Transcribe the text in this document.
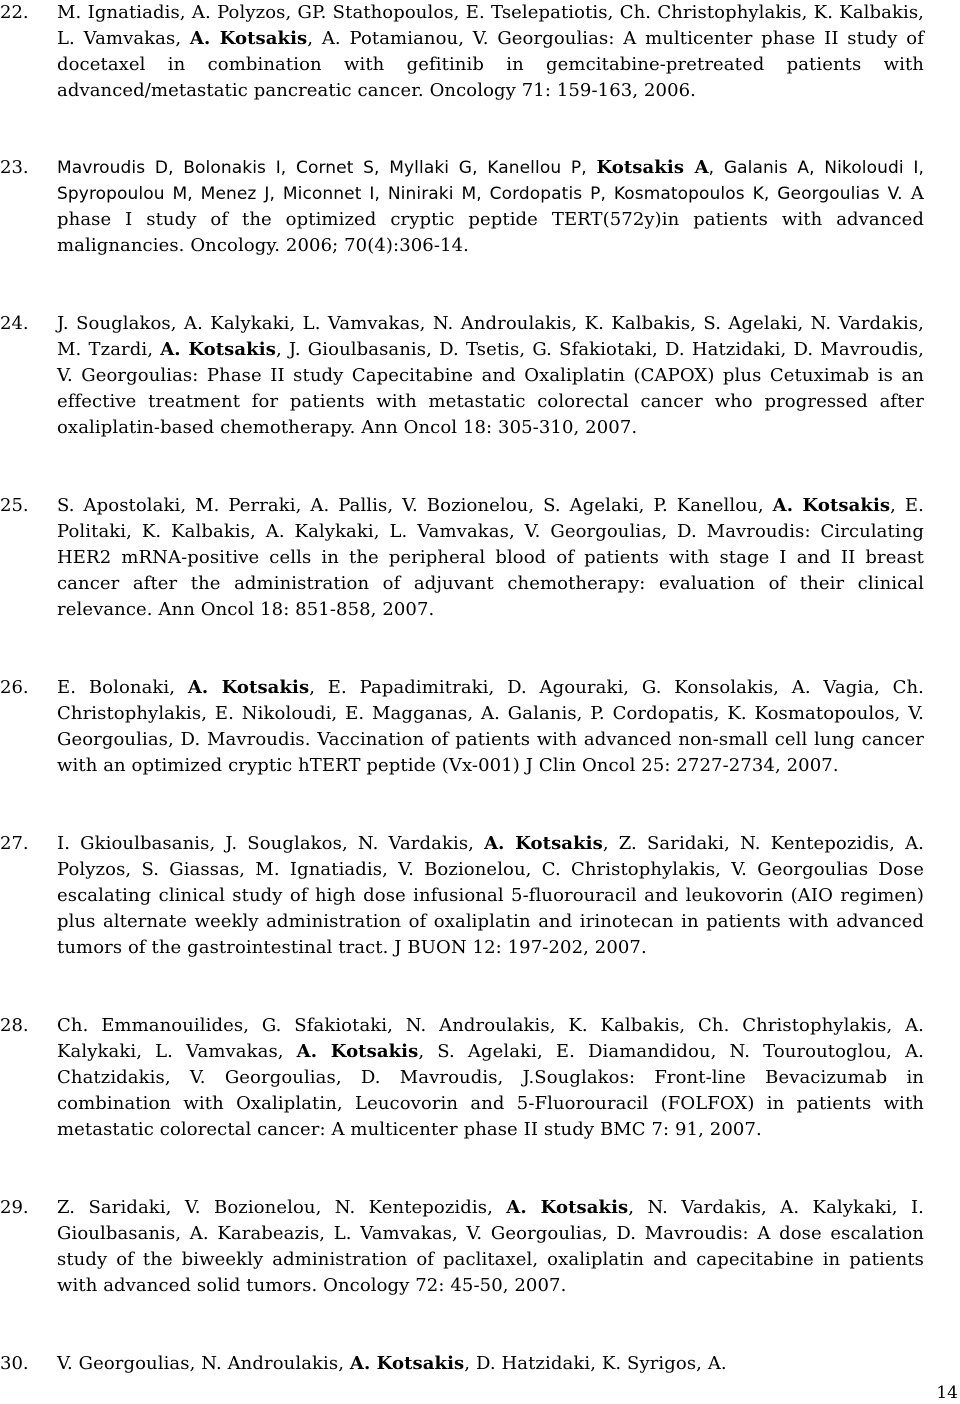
22.	M. Ignatiadis, A. Polyzos, GP. Stathopoulos, E. Tselepatiotis, Ch. Christophylakis, K. Kalbakis, L. Vamvakas, A. Kotsakis, A. Potamianou, V. Georgoulias: A multicenter phase II study of docetaxel in combination with gefitinib in gemcitabine-pretreated patients with advanced/metastatic pancreatic cancer. Oncology 71: 159-163, 2006.
23.	Mavroudis D, Bolonakis I, Cornet S, Myllaki G, Kanellou P, Kotsakis A, Galanis A, Nikoloudi I, Spyropoulou M, Menez J, Miconnet I, Niniraki M, Cordopatis P, Kosmatopoulos K, Georgoulias V. A phase I study of the optimized cryptic peptide TERT(572y)in patients with advanced malignancies. Oncology. 2006; 70(4):306-14.
24.	J. Souglakos, A. Kalykaki, L. Vamvakas, N. Androulakis, K. Kalbakis, S. Agelaki, N. Vardakis, M. Tzardi, A. Kotsakis, J. Gioulbasanis, D. Tsetis, G. Sfakiotaki, D. Hatzidaki, D. Mavroudis, V. Georgoulias: Phase II study Capecitabine and Oxaliplatin (CAPOX) plus Cetuximab is an effective treatment for patients with metastatic colorectal cancer who progressed after oxaliplatin-based chemotherapy. Ann Oncol 18: 305-310, 2007.
25.	S. Apostolaki, M. Perraki, A. Pallis, V. Bozionelou, S. Agelaki, P. Kanellou, A. Kotsakis, E. Politaki, K. Kalbakis, A. Kalykaki, L. Vamvakas, V. Georgoulias, D. Mavroudis: Circulating HER2 mRNA-positive cells in the peripheral blood of patients with stage I and II breast cancer after the administration of adjuvant chemotherapy: evaluation of their clinical relevance. Ann Oncol 18: 851-858, 2007.
26.	E. Bolonaki, A. Kotsakis, E. Papadimitraki, D. Agouraki, G. Konsolakis, A. Vagia, Ch. Christophylakis, E. Nikoloudi, E. Magganas, A. Galanis, P. Cordopatis, K. Kosmatopoulos, V. Georgoulias, D. Mavroudis. Vaccination of patients with advanced non-small cell lung cancer with an optimized cryptic hTERT peptide (Vx-001) J Clin Oncol 25: 2727-2734, 2007.
27.	I. Gkioulbasanis, J. Souglakos, N. Vardakis, A. Kotsakis, Z. Saridaki, N. Kentepozidis, A. Polyzos, S. Giassas, M. Ignatiadis, V. Bozionelou, C. Christophylakis, V. Georgoulias Dose escalating clinical study of high dose infusional 5-fluorouracil and leukovorin (AIO regimen) plus alternate weekly administration of oxaliplatin and irinotecan in patients with advanced tumors of the gastrointestinal tract. J BUON 12: 197-202, 2007.
28.	Ch. Emmanouilides, G. Sfakiotaki, N. Androulakis, K. Kalbakis, Ch. Christophylakis, A. Kalykaki, L. Vamvakas, A. Kotsakis, S. Agelaki, E. Diamandidou, N. Touroutoglou, A. Chatzidakis, V. Georgoulias, D. Mavroudis, J.Souglakos: Front-line Bevacizumab in combination with Oxaliplatin, Leucovorin and 5-Fluorouracil (FOLFOX) in patients with metastatic colorectal cancer: A multicenter phase II study BMC 7: 91, 2007.
29.	Z. Saridaki, V. Bozionelou, N. Kentepozidis, A. Kotsakis, N. Vardakis, A. Kalykaki, I. Gioulbasanis, A. Karabeazis, L. Vamvakas, V. Georgoulias, D. Mavroudis: A dose escalation study of the biweekly administration of paclitaxel, oxaliplatin and capecitabine in patients with advanced solid tumors. Oncology 72: 45-50, 2007.
30.	V. Georgoulias, N. Androulakis, A. Kotsakis, D. Hatzidaki, K. Syrigos, A.
14
